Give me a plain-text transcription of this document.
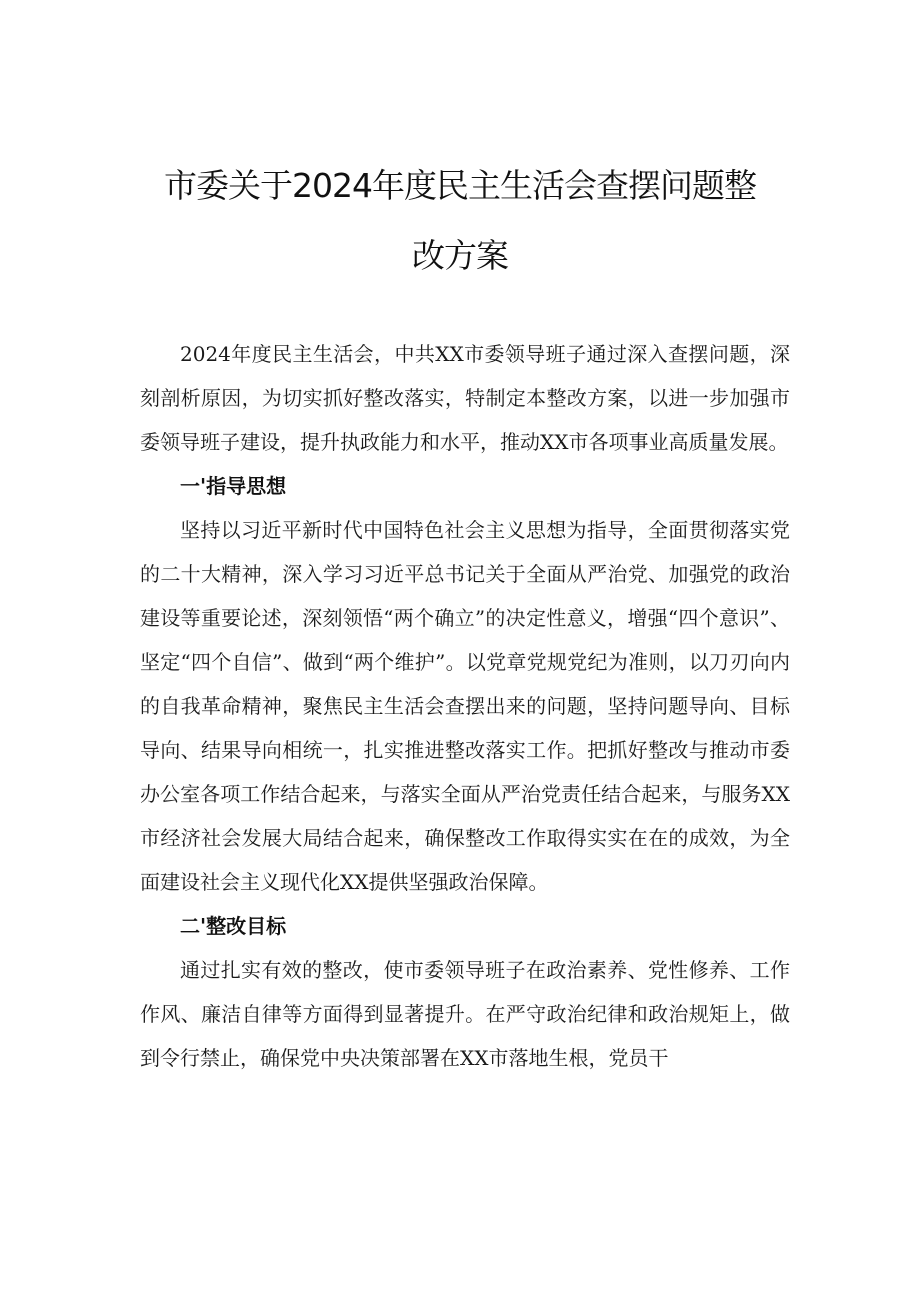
市委关于2024年度民主生活会查摆问题整
改方案

2024年度民主生活会，中共XX市委领导班子通过深入查摆问题，深刻剖析原因，为切实抓好整改落实，特制定本整改方案，以进一步加强市委领导班子建设，提升执政能力和水平，推动XX市各项事业高质量发展。

一'指导思想

坚持以习近平新时代中国特色社会主义思想为指导，全面贯彻落实党的二十大精神，深入学习习近平总书记关于全面从严治党、加强党的政治建设等重要论述，深刻领悟“两个确立”的决定性意义，增强“四个意识”、坚定“四个自信”、做到“两个维护”。以党章党规党纪为准则，以刀刃向内的自我革命精神，聚焦民主生活会查摆出来的问题，坚持问题导向、目标导向、结果导向相统一，扎实推进整改落实工作。把抓好整改与推动市委办公室各项工作结合起来，与落实全面从严治党责任结合起来，与服务XX市经济社会发展大局结合起来，确保整改工作取得实实在在的成效，为全面建设社会主义现代化XX提供坚强政治保障。

二'整改目标

通过扎实有效的整改，使市委领导班子在政治素养、党性修养、工作作风、廉洁自律等方面得到显著提升。在严守政治纪律和政治规矩上，做到令行禁止，确保党中央决策部署在XX市落地生根，党员干
